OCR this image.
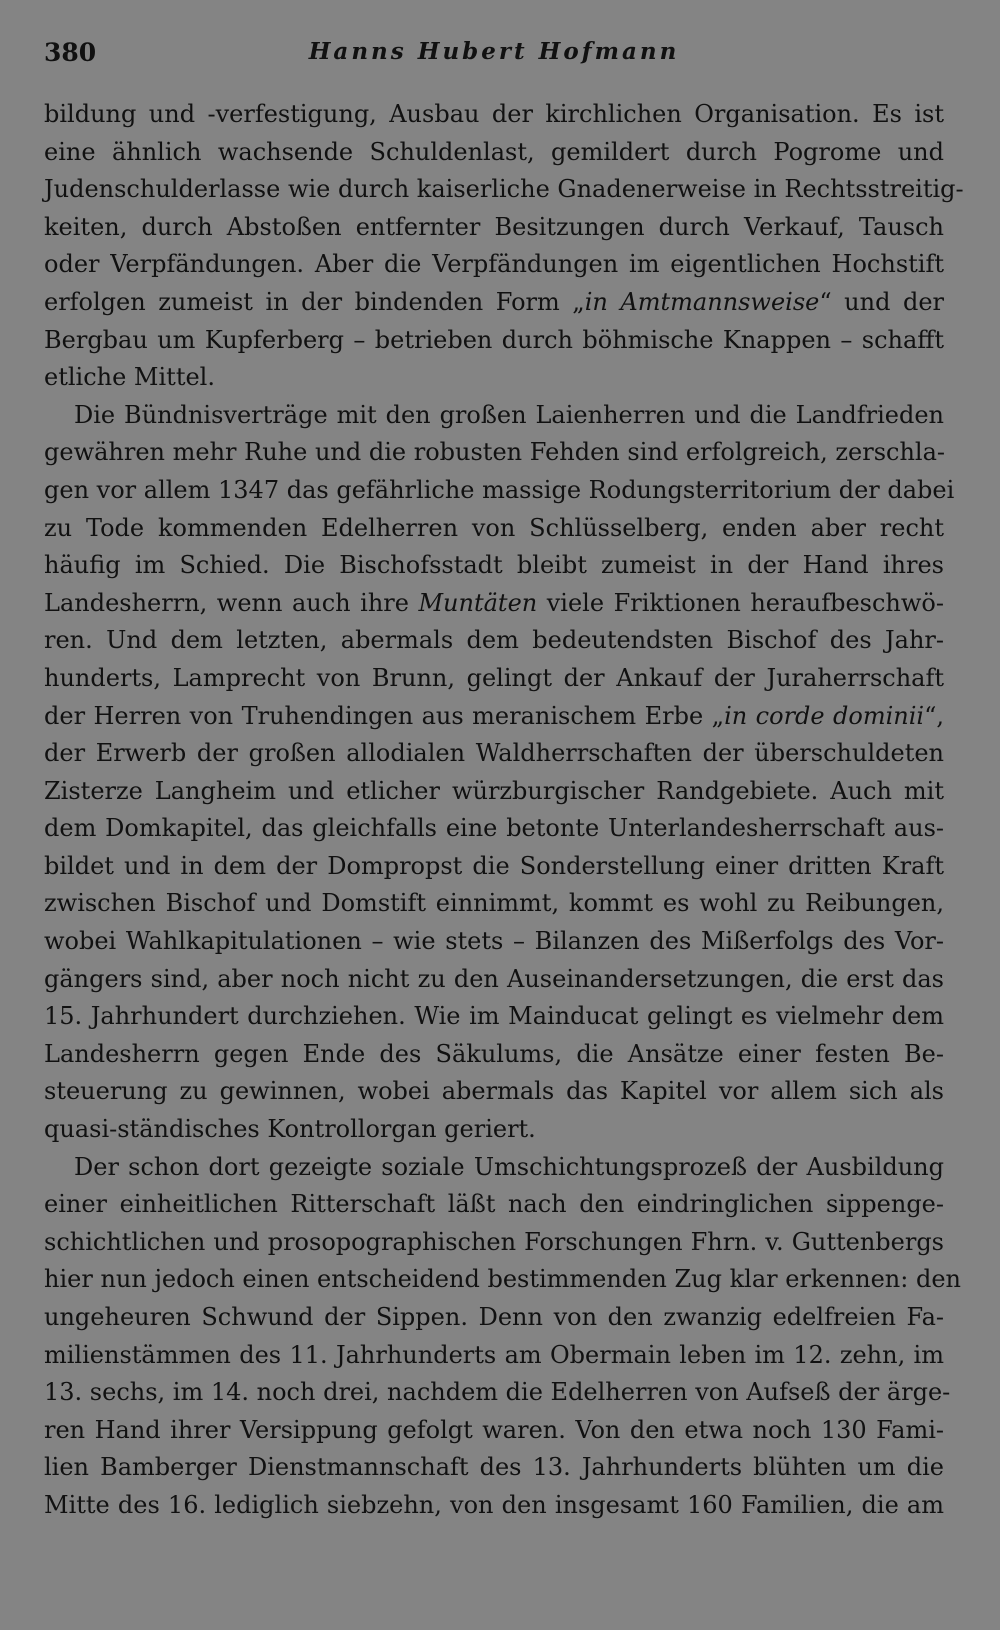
380	Hanns Hubert Hofmann
bildung und -verfestigung, Ausbau der kirchlichen Organisation. Es ist
eine ähnlich wachsende Schuldenlast, gemildert durch Pogrome und
Judenschulderlasse wie durch kaiserliche Gnadenerweise in Rechtsstreitig-
keiten, durch Abstoßen entfernter Besitzungen durch Verkauf, Tausch
oder Verpfändungen. Aber die Verpfändungen im eigentlichen Hochstift
erfolgen zumeist in der bindenden Form „in Amtmannsweise“ und der
Bergbau um Kupferberg – betrieben durch böhmische Knappen – schafft
etliche Mittel.
Die Bündnisverträge mit den großen Laienherren und die Landfrieden
gewähren mehr Ruhe und die robusten Fehden sind erfolgreich, zerschla-
gen vor allem 1347 das gefährliche massige Rodungsterritorium der dabei
zu Tode kommenden Edelherren von Schlüsselberg, enden aber recht
häufig im Schied. Die Bischofsstadt bleibt zumeist in der Hand ihres
Landesherrn, wenn auch ihre Muntäten viele Friktionen heraufbeschwö-
ren. Und dem letzten, abermals dem bedeutendsten Bischof des Jahr-
hunderts, Lamprecht von Brunn, gelingt der Ankauf der Juraherrschaft
der Herren von Truhendingen aus meranischem Erbe „in corde dominii“,
der Erwerb der großen allodialen Waldherrschaften der überschuldeten
Zisterze Langheim und etlicher würzburgischer Randgebiete. Auch mit
dem Domkapitel, das gleichfalls eine betonte Unterlandesherrschaft aus-
bildet und in dem der Dompropst die Sonderstellung einer dritten Kraft
zwischen Bischof und Domstift einnimmt, kommt es wohl zu Reibungen,
wobei Wahlkapitulationen – wie stets – Bilanzen des Mißerfolgs des Vor-
gängers sind, aber noch nicht zu den Auseinandersetzungen, die erst das
15. Jahrhundert durchziehen. Wie im Mainducat gelingt es vielmehr dem
Landesherrn gegen Ende des Säkulums, die Ansätze einer festen Be-
steuerung zu gewinnen, wobei abermals das Kapitel vor allem sich als
quasi-ständisches Kontrollorgan geriert.
Der schon dort gezeigte soziale Umschichtungsprozeß der Ausbildung
einer einheitlichen Ritterschaft läßt nach den eindringlichen sippenge-
schichtlichen und prosopographischen Forschungen Fhrn. v. Guttenbergs
hier nun jedoch einen entscheidend bestimmenden Zug klar erkennen: den
ungeheuren Schwund der Sippen. Denn von den zwanzig edelfreien Fa-
milienstämmen des 11. Jahrhunderts am Obermain leben im 12. zehn, im
13. sechs, im 14. noch drei, nachdem die Edelherren von Aufseß der ärge-
ren Hand ihrer Versippung gefolgt waren. Von den etwa noch 130 Fami-
lien Bamberger Dienstmannschaft des 13. Jahrhunderts blühten um die
Mitte des 16. lediglich siebzehn, von den insgesamt 160 Familien, die am
